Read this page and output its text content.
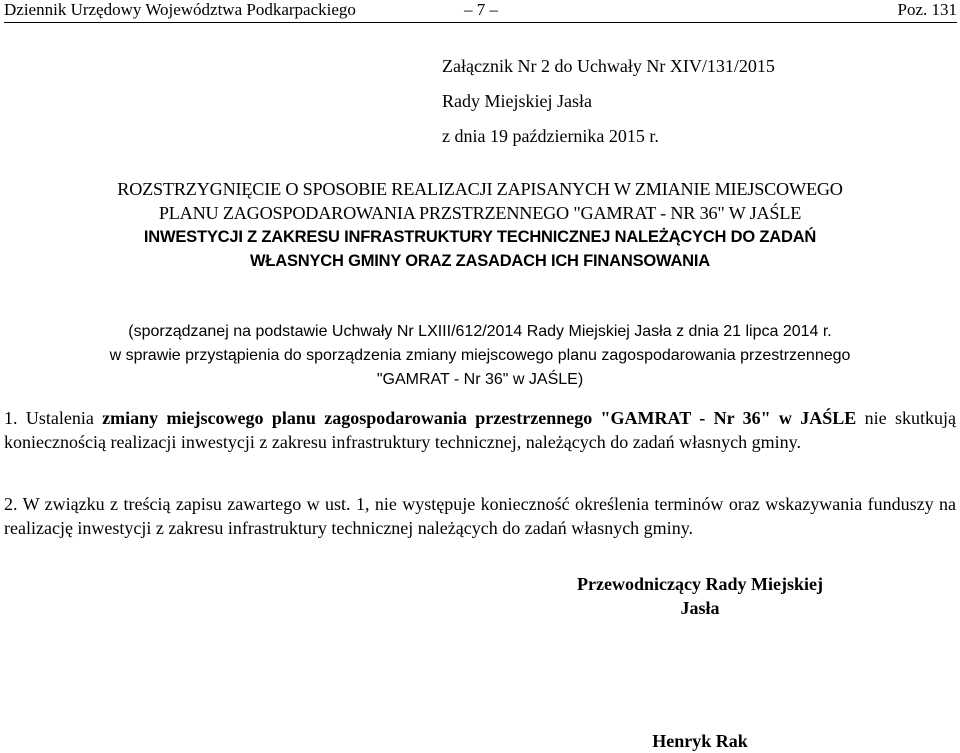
Dziennik Urzędowy Województwa Podkarpackiego	– 7 –	Poz. 131
Załącznik Nr 2 do Uchwały Nr XIV/131/2015
Rady Miejskiej Jasła
z dnia 19 października 2015 r.
ROZSTRZYGNIĘCIE O SPOSOBIE REALIZACJI ZAPISANYCH W ZMIANIE MIEJSCOWEGO
PLANU ZAGOSPODAROWANIA PRZSTRZENNEGO "GAMRAT - NR 36" W JAŚLE
INWESTYCJI Z ZAKRESU INFRASTRUKTURY TECHNICZNEJ NALEŻĄCYCH DO ZADAŃ
WŁASNYCH GMINY ORAZ ZASADACH ICH FINANSOWANIA
(sporządzanej na podstawie Uchwały Nr LXIII/612/2014 Rady Miejskiej Jasła z dnia 21 lipca 2014 r.
w sprawie przystąpienia do sporządzenia zmiany miejscowego planu zagospodarowania przestrzennego
"GAMRAT - Nr 36" w JAŚLE)
1. Ustalenia zmiany miejscowego planu zagospodarowania przestrzennego "GAMRAT - Nr 36" w JAŚLE nie skutkują koniecznością realizacji inwestycji z zakresu infrastruktury technicznej, należących do zadań własnych gminy.
2. W związku z treścią zapisu zawartego w ust. 1, nie występuje konieczność określenia terminów oraz wskazywania funduszy na realizację inwestycji z zakresu infrastruktury technicznej należących do zadań własnych gminy.
Przewodniczący Rady Miejskiej
Jasła
Henryk Rak
